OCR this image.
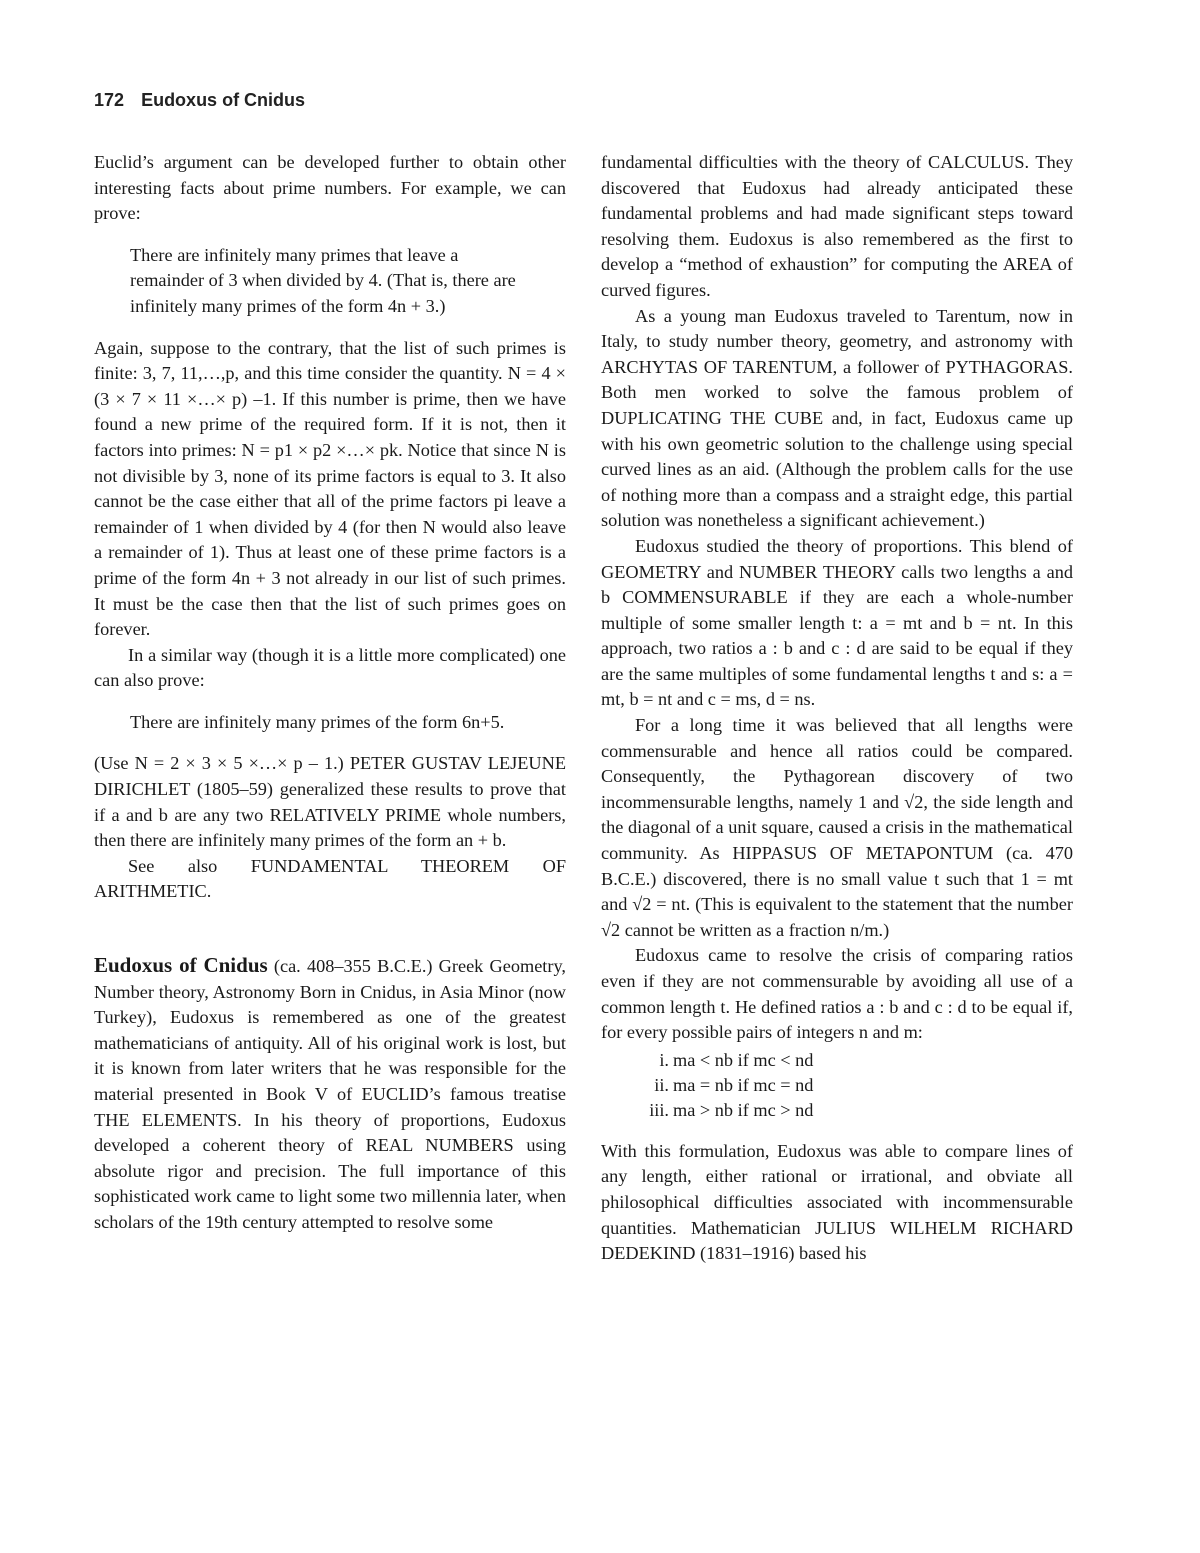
172 Eudoxus of Cnidus

Euclid’s argument can be developed further to obtain other interesting facts about prime numbers. For example, we can prove:

There are infinitely many primes that leave a remainder of 3 when divided by 4. (That is, there are infinitely many primes of the form 4n + 3.)

Again, suppose to the contrary, that the list of such primes is finite: 3, 7, 11,…,p, and this time consider the quantity. N = 4 × (3 × 7 × 11 ×…× p) –1. If this number is prime, then we have found a new prime of the required form. If it is not, then it factors into primes: N = p1 × p2 ×…× pk. Notice that since N is not divisible by 3, none of its prime factors is equal to 3. It also cannot be the case either that all of the prime factors pi leave a remainder of 1 when divided by 4 (for then N would also leave a remainder of 1). Thus at least one of these prime factors is a prime of the form 4n + 3 not already in our list of such primes. It must be the case then that the list of such primes goes on forever.

In a similar way (though it is a little more complicated) one can also prove:

There are infinitely many primes of the form 6n+5.

(Use N = 2 × 3 × 5 ×…× p – 1.) PETER GUSTAV LEJEUNE DIRICHLET (1805–59) generalized these results to prove that if a and b are any two RELATIVELY PRIME whole numbers, then there are infinitely many primes of the form an + b.

See also FUNDAMENTAL THEOREM OF ARITHMETIC.

Eudoxus of Cnidus (ca. 408–355 B.C.E.) Greek Geometry, Number theory, Astronomy Born in Cnidus, in Asia Minor (now Turkey), Eudoxus is remembered as one of the greatest mathematicians of antiquity. All of his original work is lost, but it is known from later writers that he was responsible for the material presented in Book V of EUCLID’s famous treatise THE ELEMENTS. In his theory of proportions, Eudoxus developed a coherent theory of REAL NUMBERS using absolute rigor and precision. The full importance of this sophisticated work came to light some two millennia later, when scholars of the 19th century attempted to resolve some

fundamental difficulties with the theory of CALCULUS. They discovered that Eudoxus had already anticipated these fundamental problems and had made significant steps toward resolving them. Eudoxus is also remembered as the first to develop a “method of exhaustion” for computing the AREA of curved figures.

As a young man Eudoxus traveled to Tarentum, now in Italy, to study number theory, geometry, and astronomy with ARCHYTAS OF TARENTUM, a follower of PYTHAGORAS. Both men worked to solve the famous problem of DUPLICATING THE CUBE and, in fact, Eudoxus came up with his own geometric solution to the challenge using special curved lines as an aid. (Although the problem calls for the use of nothing more than a compass and a straight edge, this partial solution was nonetheless a significant achievement.)

Eudoxus studied the theory of proportions. This blend of GEOMETRY and NUMBER THEORY calls two lengths a and b COMMENSURABLE if they are each a whole-number multiple of some smaller length t: a = mt and b = nt. In this approach, two ratios a : b and c : d are said to be equal if they are the same multiples of some fundamental lengths t and s: a = mt, b = nt and c = ms, d = ns.

For a long time it was believed that all lengths were commensurable and hence all ratios could be compared. Consequently, the Pythagorean discovery of two incommensurable lengths, namely 1 and √2, the side length and the diagonal of a unit square, caused a crisis in the mathematical community. As HIPPASUS OF METAPONTUM (ca. 470 B.C.E.) discovered, there is no small value t such that 1 = mt and √2 = nt. (This is equivalent to the statement that the number √2 cannot be written as a fraction n/m.)

Eudoxus came to resolve the crisis of comparing ratios even if they are not commensurable by avoiding all use of a common length t. He defined ratios a : b and c : d to be equal if, for every possible pairs of integers n and m:

i. ma < nb if mc < nd
ii. ma = nb if mc = nd
iii. ma > nb if mc > nd

With this formulation, Eudoxus was able to compare lines of any length, either rational or irrational, and obviate all philosophical difficulties associated with incommensurable quantities. Mathematician JULIUS WILHELM RICHARD DEDEKIND (1831–1916) based his
